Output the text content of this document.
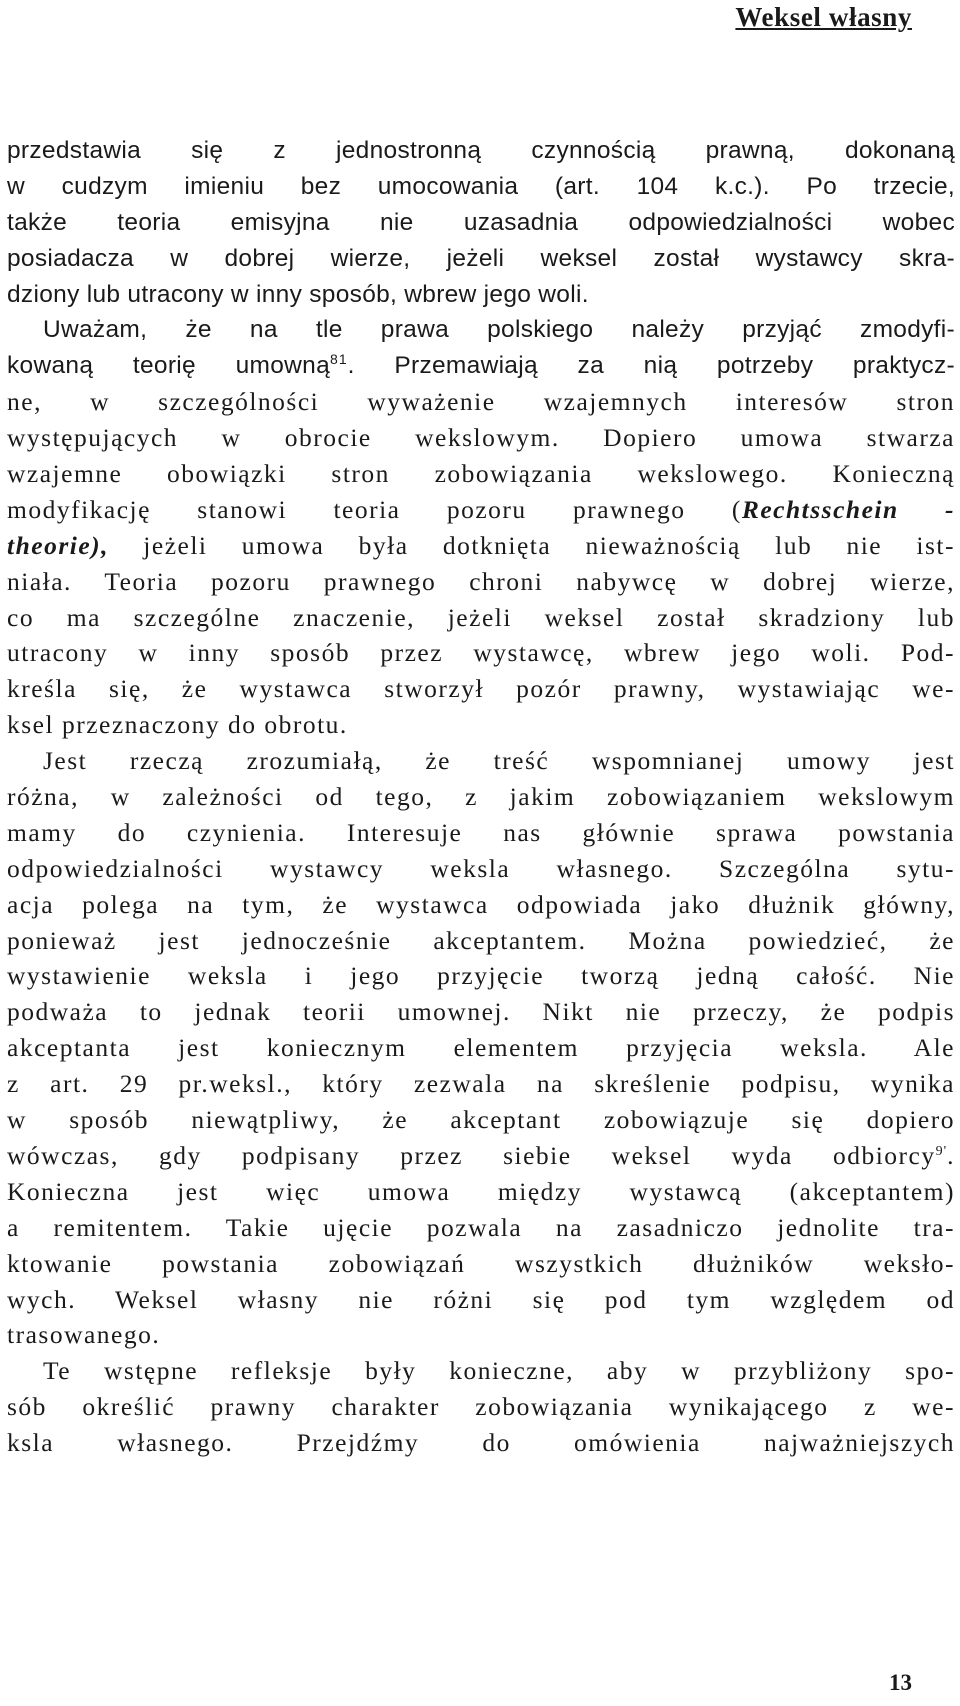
Weksel własny
przedstawia się z jednostronną czynnością prawną, dokonaną
w cudzym imieniu bez umocowania (art. 104 k.c.). Po trzecie,
także teoria emisyjna nie uzasadnia odpowiedzialności wobec
posiadacza w dobrej wierze, jeżeli weksel został wystawcy skra-
dziony lub utracony w inny sposób, wbrew jego woli.
Uważam, że na tle prawa polskiego należy przyjąć zmodyfi-
kowaną teorię umowną$^{81}$. Przemawiają za nią potrzeby praktycz-
ne, w szczególności wyważenie wzajemnych interesów stron
występujących w obrocie wekslowym. Dopiero umowa stwarza
wzajemne obowiązki stron zobowiązania wekslowego. Konieczną
modyfikację stanowi teoria pozoru prawnego (Rechtsschein -
theorie), jeżeli umowa była dotknięta nieważnością lub nie ist-
niała. Teoria pozoru prawnego chroni nabywcę w dobrej wierze,
co ma szczególne znaczenie, jeżeli weksel został skradziony lub
utracony w inny sposób przez wystawcę, wbrew jego woli. Pod-
kreśla się, że wystawca stworzył pozór prawny, wystawiając we-
ksel przeznaczony do obrotu.
Jest rzeczą zrozumiałą, że treść wspomnianej umowy jest
różna, w zależności od tego, z jakim zobowiązaniem wekslowym
mamy do czynienia. Interesuje nas głównie sprawa powstania
odpowiedzialności wystawcy weksla własnego. Szczególna sytu-
acja polega na tym, że wystawca odpowiada jako dłużnik główny,
ponieważ jest jednocześnie akceptantem. Można powiedzieć, że
wystawienie weksla i jego przyjęcie tworzą jedną całość. Nie
podważa to jednak teorii umownej. Nikt nie przeczy, że podpis
akceptanta jest koniecznym elementem przyjęcia weksla. Ale
z art. 29 pr.weksl., który zezwala na skreślenie podpisu, wynika
w sposób niewątpliwy, że akceptant zobowiązuje się dopiero
wówczas, gdy podpisany przez siebie weksel wyda odbiorcy$^{9'}$.
Konieczna jest więc umowa między wystawcą (akceptantem)
a remitentem. Takie ujęcie pozwala na zasadniczo jednolite tra-
ktowanie powstania zobowiązań wszystkich dłużników weksło-
wych. Weksel własny nie różni się pod tym względem od
trasowanego.
Te wstępne refleksje były konieczne, aby w przybliżony spo-
sób określić prawny charakter zobowiązania wynikającego z we-
ksla własnego. Przejdźmy do omówienia najważniejszych
13
